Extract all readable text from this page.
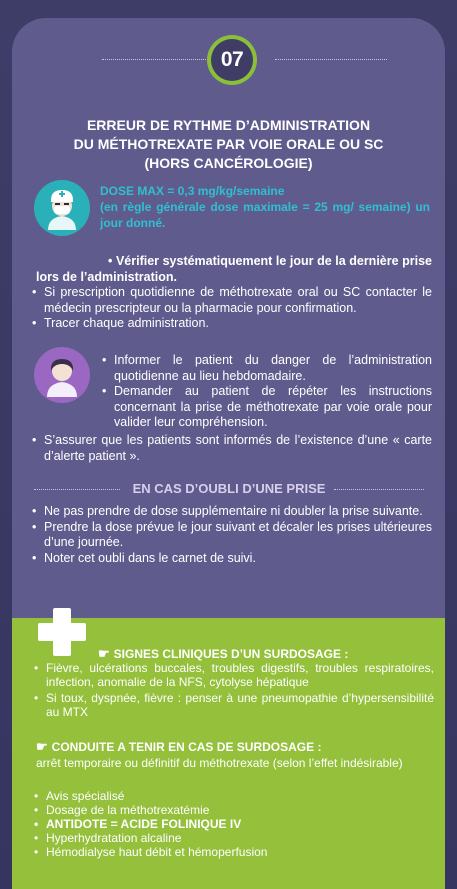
07
ERREUR DE RYTHME D’ADMINISTRATION
DU MÉTHOTREXATE PAR VOIE ORALE OU SC
(HORS CANCÉROLOGIE)
DOSE MAX = 0,3 mg/kg/semaine
(en règle générale dose maximale = 25 mg/ semaine) un jour donné.
• Vérifier systématiquement le jour de la dernière prise lors de l’administration.
• Si prescription quotidienne de méthotrexate oral ou SC contacter le médecin prescripteur ou la pharmacie pour confirmation.
• Tracer chaque administration.
• Informer le patient du danger de l’administration quotidienne au lieu hebdomadaire.
• Demander au patient de répéter les instructions concernant la prise de méthotrexate par voie orale pour valider leur compréhension.
• S’assurer que les patients sont informés de l’existence d’une « carte d’alerte patient ».
EN CAS D’OUBLI D’UNE PRISE
• Ne pas prendre de dose supplémentaire ni doubler la prise suivante.
• Prendre la dose prévue le jour suivant et décaler les prises ultérieures d’une journée.
• Noter cet oubli dans le carnet de suivi.
☛ SIGNES CLINIQUES D’UN SURDOSAGE :
• Fièvre, ulcérations buccales, troubles digestifs, troubles respiratoires, infection, anomalie de la NFS, cytolyse hépatique
• Si toux, dyspnée, fièvre : penser à une pneumopathie d’hypersensibilité au MTX
☛ CONDUITE A TENIR EN CAS DE SURDOSAGE :
arrêt temporaire ou définitif du méthotrexate (selon l’effet indésirable)
• Avis spécialisé
• Dosage de la méthotrexatémie
• ANTIDOTE = ACIDE FOLINIQUE IV
• Hyperhydratation alcaline
• Hémodialyse haut débit et hémoperfusion
